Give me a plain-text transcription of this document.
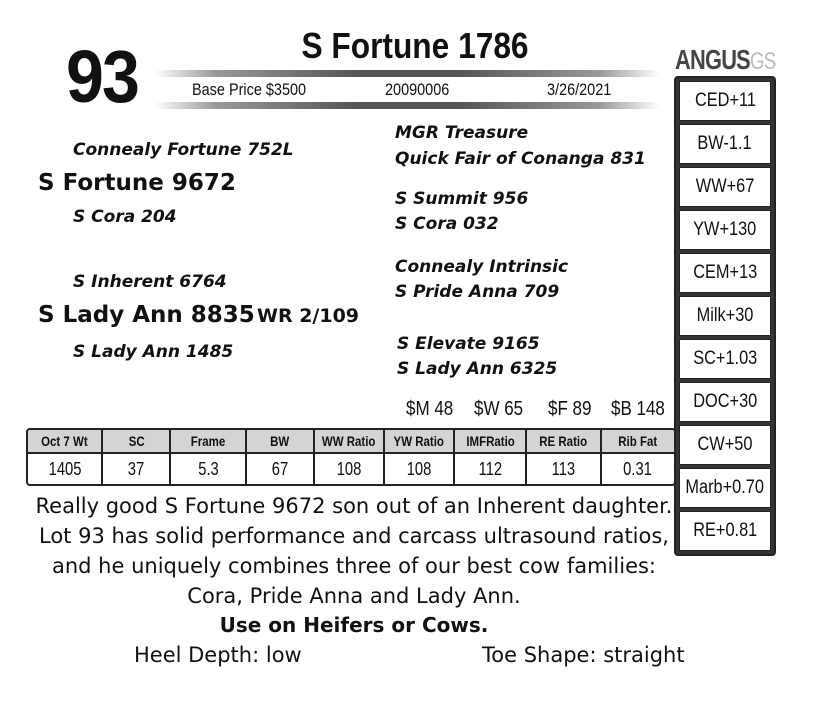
93	S Fortune 1786
Base Price $3500	20090006	3/26/2021
Connealy Fortune 752L
S Fortune 9672
S Cora 204
MGR Treasure
Quick Fair of Conanga 831
S Summit 956
S Cora 032
S Inherent 6764
S Lady Ann 8835 WR 2/109
S Lady Ann 1485
Connealy Intrinsic
S Pride Anna 709
S Elevate 9165
S Lady Ann 6325
ANGUSGS
CED+11
BW-1.1
WW+67
YW+130
CEM+13
Milk+30
SC+1.03
DOC+30
CW+50
Marb+0.70
RE+0.81
$M 48 $W 65 $F 89 $B 148
Oct 7 Wt	SC	Frame	BW	WW Ratio	YW Ratio	IMFRatio	RE Ratio	Rib Fat
1405	37	5.3	67	108	108	112	113	0.31
Really good S Fortune 9672 son out of an Inherent daughter. Lot 93 has solid performance and carcass ultrasound ratios, and he uniquely combines three of our best cow families: Cora, Pride Anna and Lady Ann.
Use on Heifers or Cows.
Heel Depth: low	Toe Shape: straight
